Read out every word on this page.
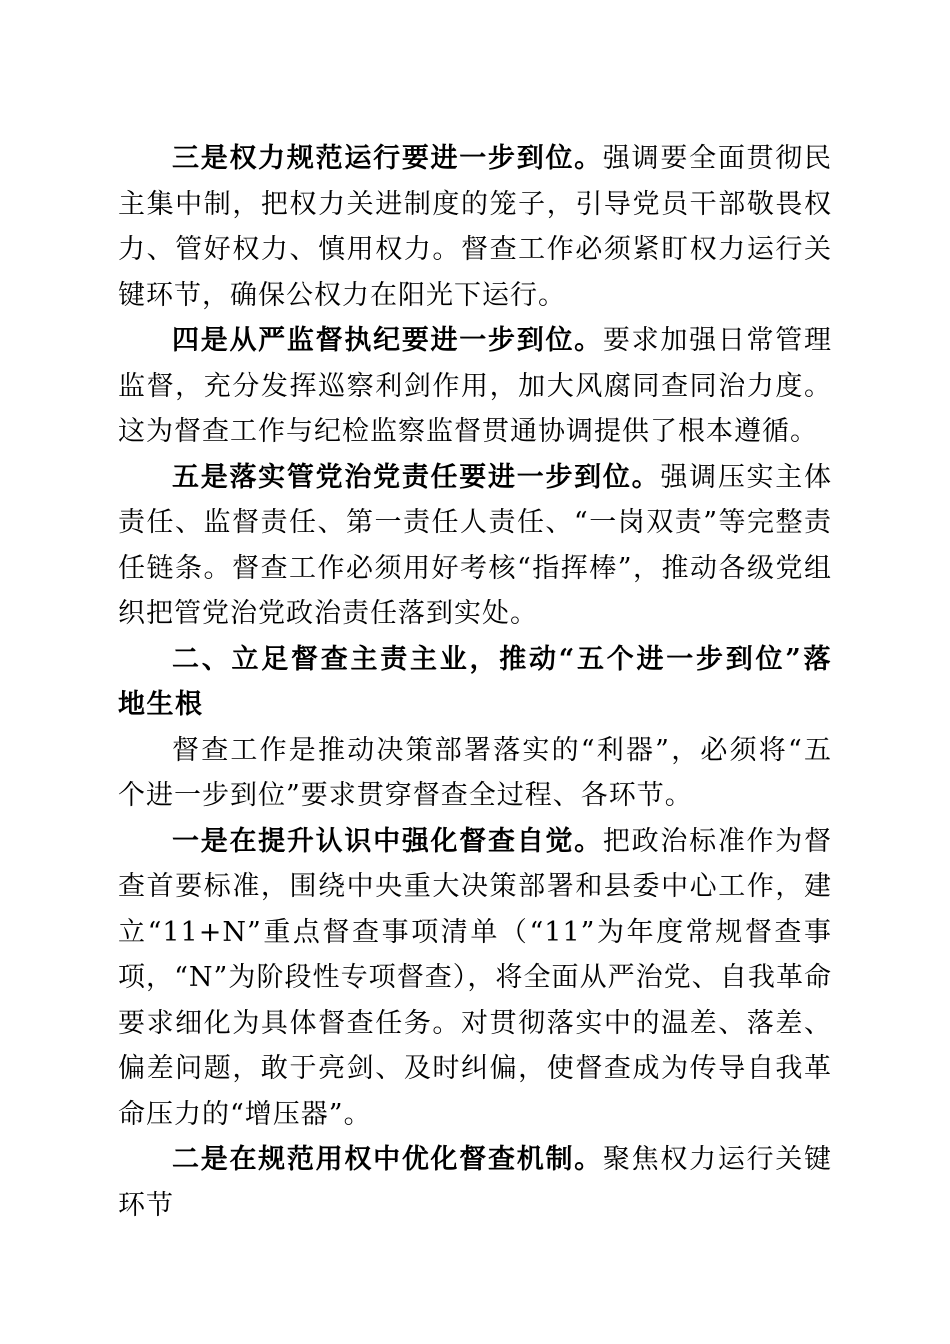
三是权力规范运行要进一步到位。强调要全面贯彻民主集中制，把权力关进制度的笼子，引导党员干部敬畏权力、管好权力、慎用权力。督查工作必须紧盯权力运行关键环节，确保公权力在阳光下运行。

四是从严监督执纪要进一步到位。要求加强日常管理监督，充分发挥巡察利剑作用，加大风腐同查同治力度。这为督查工作与纪检监察监督贯通协调提供了根本遵循。

五是落实管党治党责任要进一步到位。强调压实主体责任、监督责任、第一责任人责任、“一岗双责”等完整责任链条。督查工作必须用好考核“指挥棒”，推动各级党组织把管党治党政治责任落到实处。

二、立足督查主责主业，推动“五个进一步到位”落地生根

督查工作是推动决策部署落实的“利器”，必须将“五个进一步到位”要求贯穿督查全过程、各环节。

一是在提升认识中强化督查自觉。把政治标准作为督查首要标准，围绕中央重大决策部署和县委中心工作，建立“11+N”重点督查事项清单（“11”为年度常规督查事项，“N”为阶段性专项督查），将全面从严治党、自我革命要求细化为具体督查任务。对贯彻落实中的温差、落差、偏差问题，敢于亮剑、及时纠偏，使督查成为传导自我革命压力的“增压器”。

二是在规范用权中优化督查机制。聚焦权力运行关键环节
